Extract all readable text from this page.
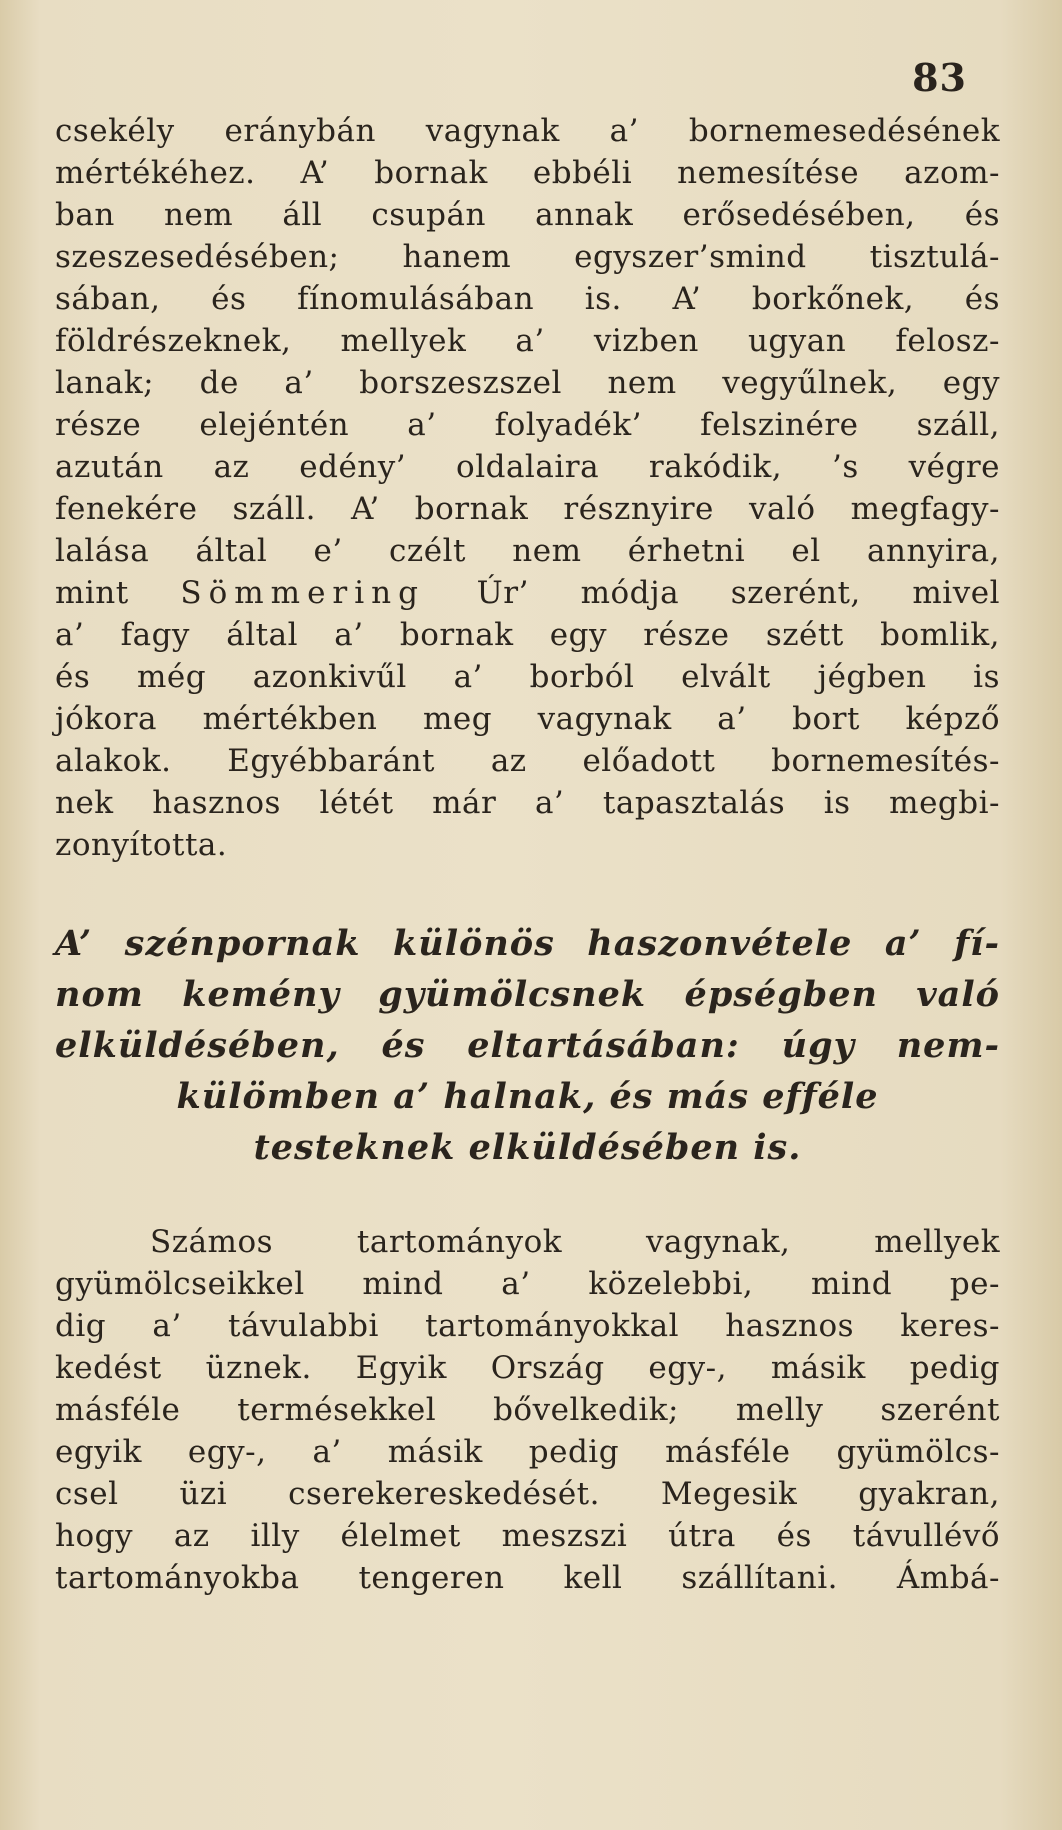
83
csekély eránybán vagynak a’ bornemesedésének
mértékéhez. A’ bornak ebbéli nemesítése azom-
ban nem áll csupán annak erősedésében, és
szeszesedésében; hanem egyszer’smind tisztulá-
sában, és fínomulásában is. A’ borkőnek, és
földrészeknek, mellyek a’ vizben ugyan felosz-
lanak; de a’ borszeszszel nem vegyűlnek, egy
része elejéntén a’ folyadék’ felszinére száll,
azután az edény’ oldalaira rakódik, ’s végre
fenekére száll. A’ bornak résznyire való megfagy-
lalása által e’ czélt nem érhetni el annyira,
mint Sömmering Úr’ módja szerént, mivel
a’ fagy által a’ bornak egy része szétt bomlik,
és még azonkivűl a’ borból elvált jégben is
jókora mértékben meg vagynak a’ bort képző
alakok. Egyébbaránt az előadott bornemesítés-
nek hasznos létét már a’ tapasztalás is megbi-
zonyította.
A’ szénpornak különös haszonvétele a’ fí-
nom kemény gyümölcsnek épségben való
elküldésében, és eltartásában: úgy nem-
külömben a’ halnak, és más efféle
testeknek elküldésében is.
Számos tartományok vagynak, mellyek
gyümölcseikkel mind a’ közelebbi, mind pe-
dig a’ távulabbi tartományokkal hasznos keres-
kedést üznek. Egyik Ország egy-, másik pedig
másféle termésekkel bővelkedik; melly szerént
egyik egy-, a’ másik pedig másféle gyümölcs-
csel üzi cserekereskedését. Megesik gyakran,
hogy az illy élelmet meszszi útra és távullévő
tartományokba tengeren kell szállítani. Ámbá-
